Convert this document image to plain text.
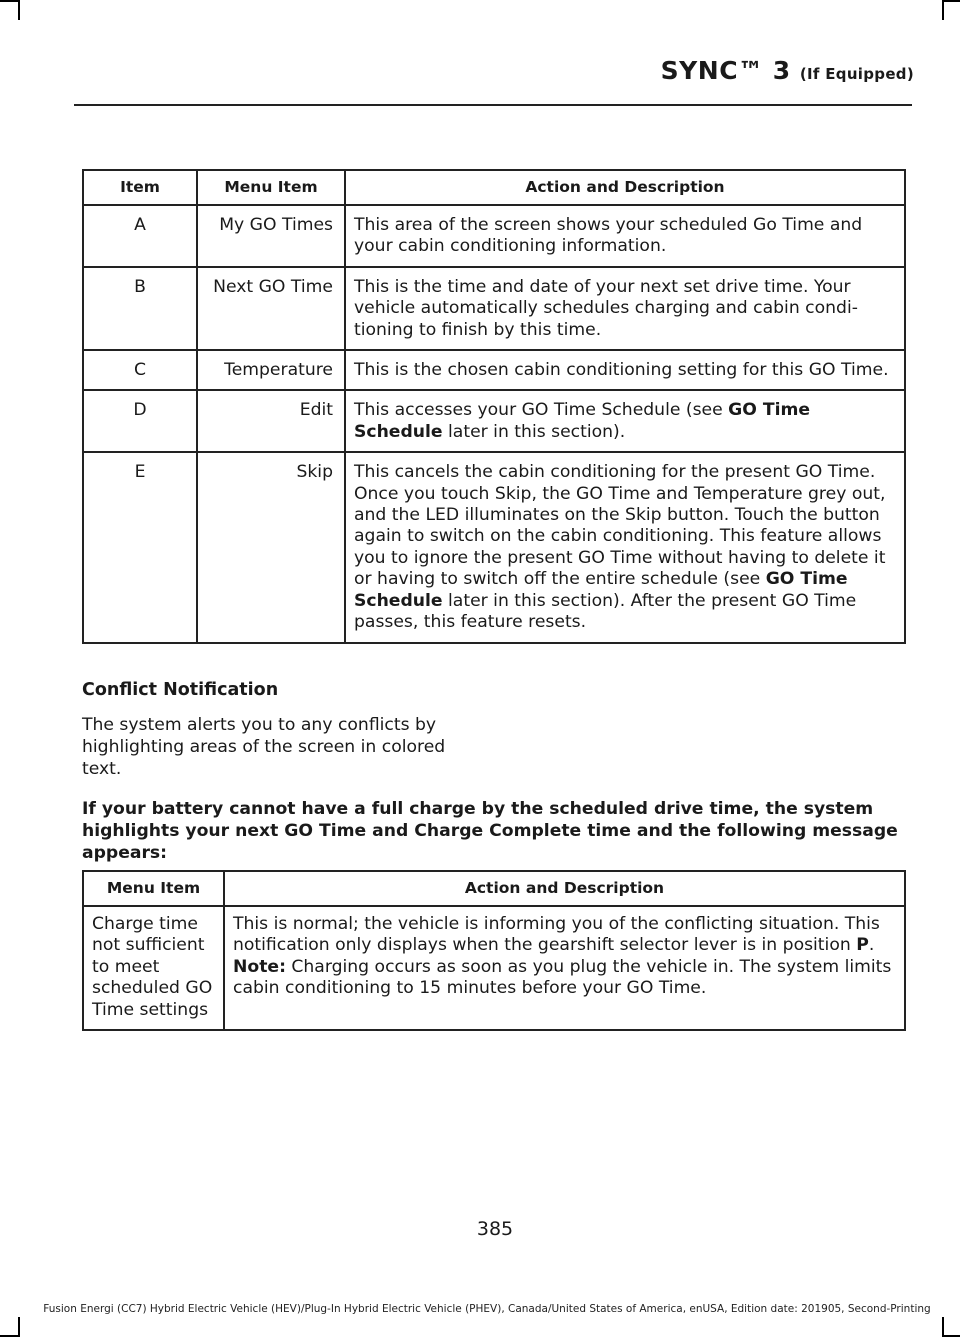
SYNC™ 3 (If Equipped)
Item	Menu Item	Action and Description
A	My GO Times	This area of the screen shows your scheduled Go Time and your cabin conditioning information.
B	Next GO Time	This is the time and date of your next set drive time. Your vehicle automatically schedules charging and cabin condi-tioning to finish by this time.
C	Temperature	This is the chosen cabin conditioning setting for this GO Time.
D	Edit	This accesses your GO Time Schedule (see GO Time Schedule later in this section).
E	Skip	This cancels the cabin conditioning for the present GO Time. Once you touch Skip, the GO Time and Temperature grey out, and the LED illuminates on the Skip button. Touch the button again to switch on the cabin conditioning. This feature allows you to ignore the present GO Time without having to delete it or having to switch off the entire schedule (see GO Time Schedule later in this section). After the present GO Time passes, this feature resets.
Conflict Notification
The system alerts you to any conflicts by highlighting areas of the screen in colored text.
If your battery cannot have a full charge by the scheduled drive time, the system highlights your next GO Time and Charge Complete time and the following message appears:
Menu Item	Action and Description
Charge time not sufficient to meet scheduled GO Time settings	This is normal; the vehicle is informing you of the conflicting situation. This notification only displays when the gearshift selector lever is in position P.
Note: Charging occurs as soon as you plug the vehicle in. The system limits cabin conditioning to 15 minutes before your GO Time.
385
Fusion Energi (CC7) Hybrid Electric Vehicle (HEV)/Plug-In Hybrid Electric Vehicle (PHEV), Canada/United States of America, enUSA, Edition date: 201905, Second-Printing
